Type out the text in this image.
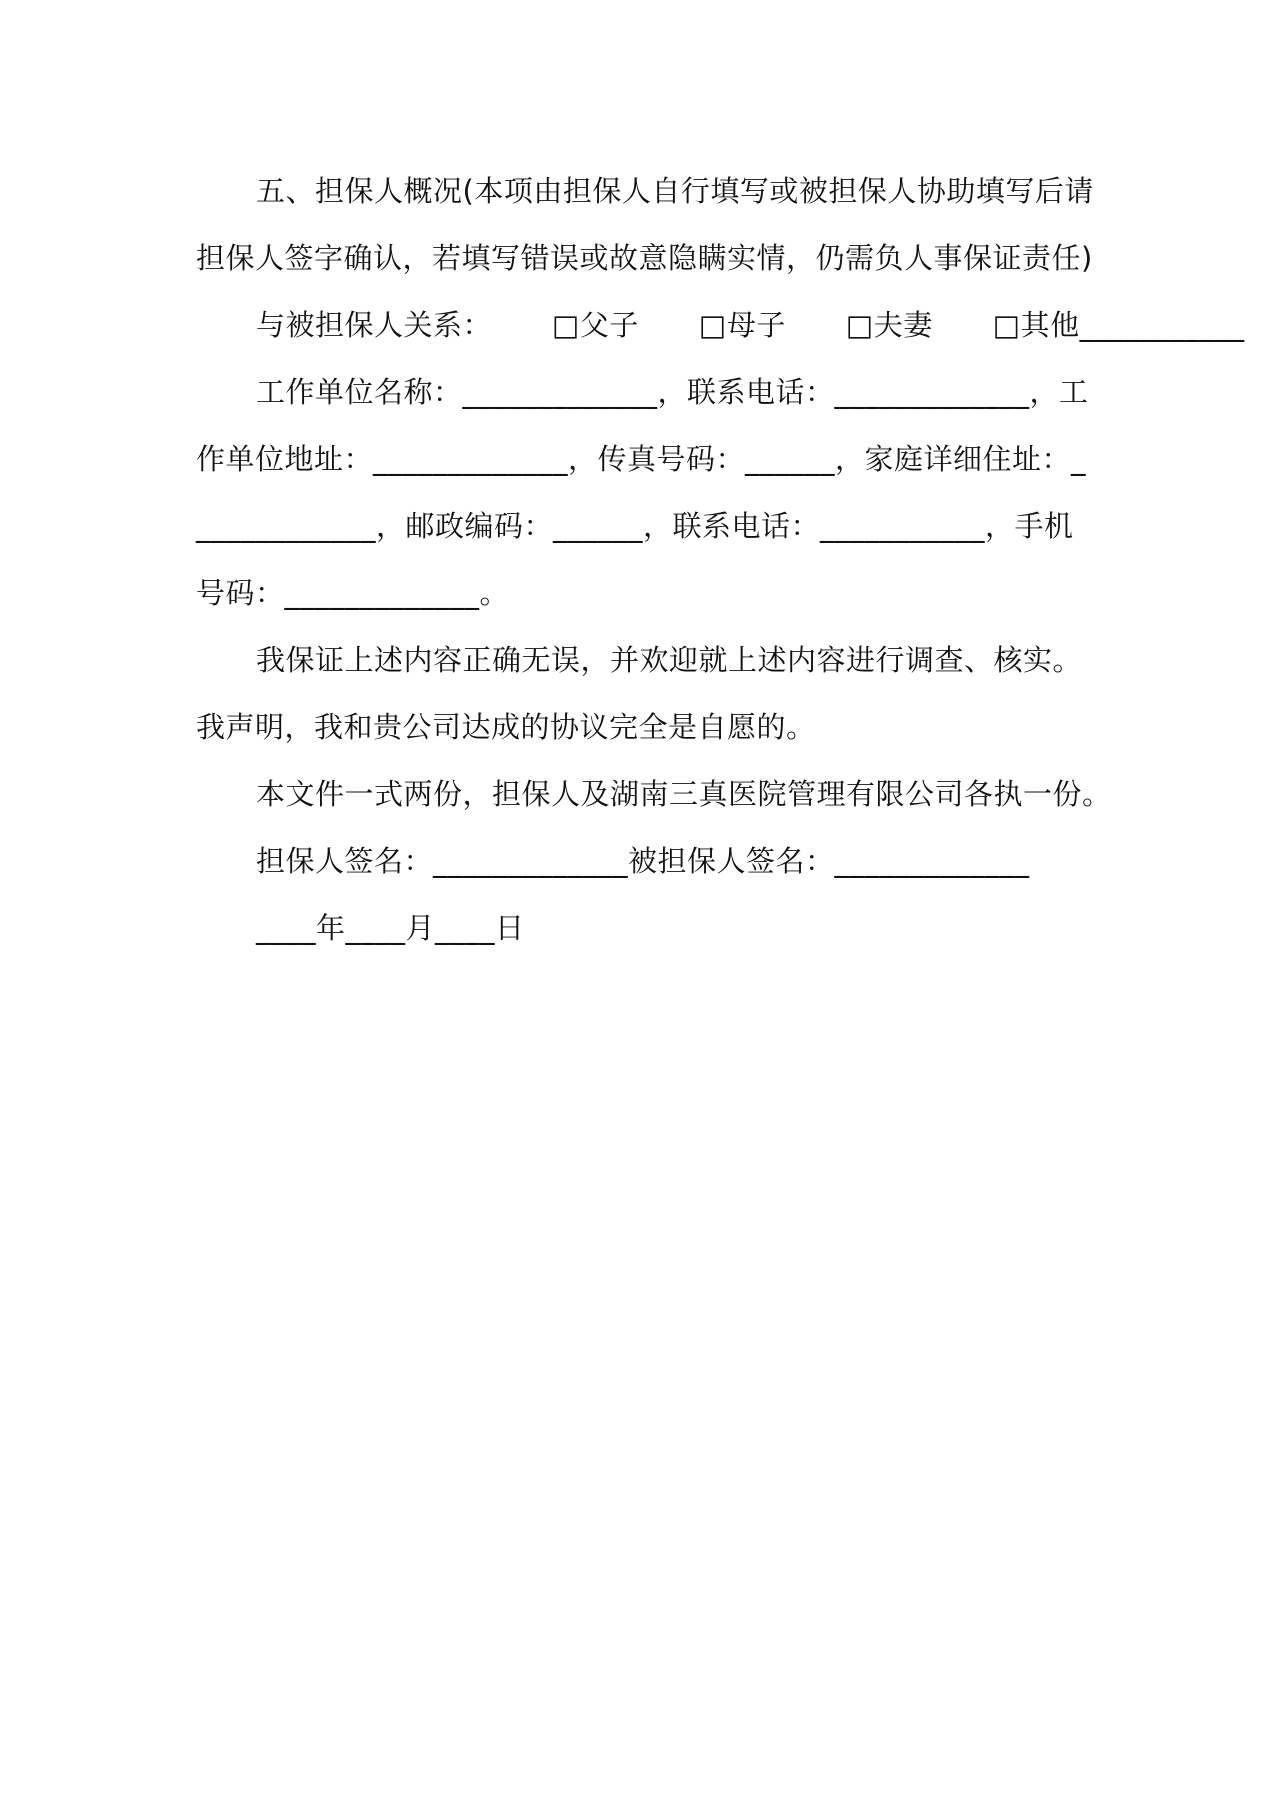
五、担保人概况(本项由担保人自行填写或被担保人协助填写后请担保人签字确认，若填写错误或故意隐瞒实情，仍需负人事保证责任)

与被担保人关系： □父子 □母子 □夫妻 □其他___________

工作单位名称：_____________，联系电话：_____________，工作单位地址：_____________，传真号码：______，家庭详细住址：_____________，邮政编码：______，联系电话：___________，手机号码：_____________。

我保证上述内容正确无误，并欢迎就上述内容进行调查、核实。我声明，我和贵公司达成的协议完全是自愿的。

本文件一式两份，担保人及湖南三真医院管理有限公司各执一份。

担保人签名：_____________被担保人签名：_____________

____年____月____日
